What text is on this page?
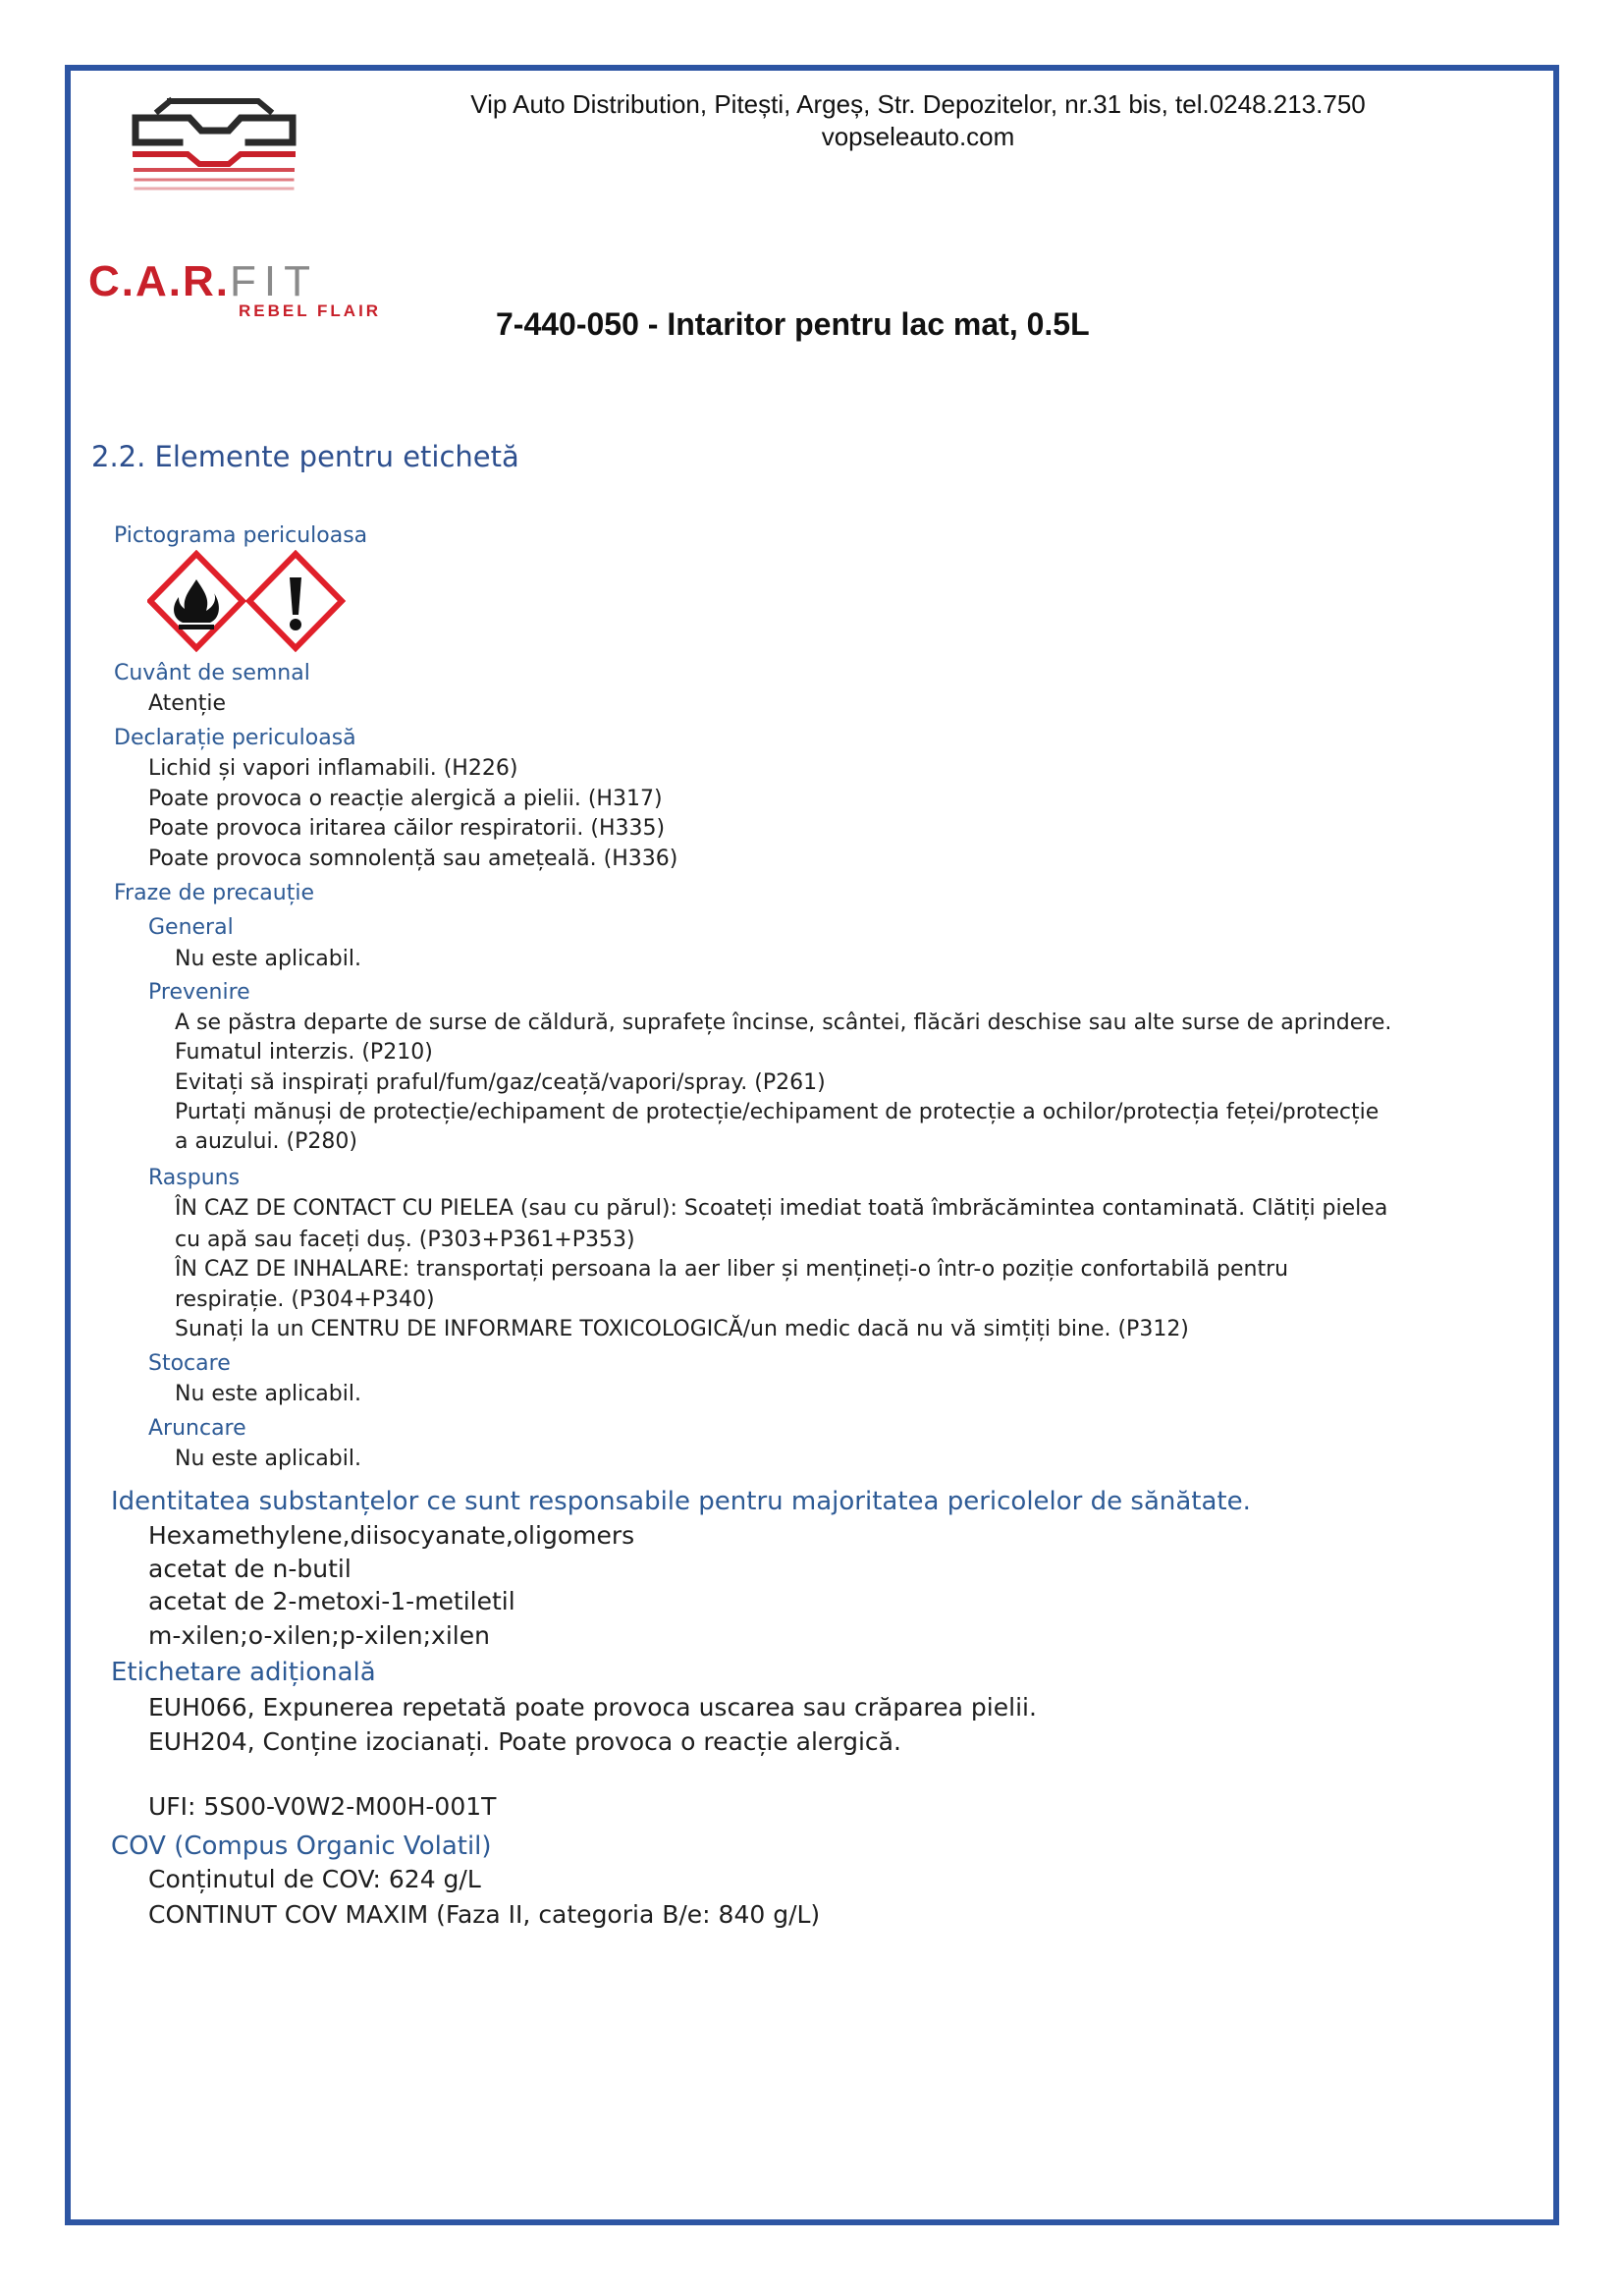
C.A.R.FIT
REBEL FLAIR
Vip Auto Distribution, Pitești, Argeș, Str. Depozitelor, nr.31 bis, tel.0248.213.750
vopseleauto.com
7-440-050 - Intaritor pentru lac mat, 0.5L
2.2. Elemente pentru etichetă
Pictograma periculoasa
Cuvânt de semnal
Atenție
Declarație periculoasă
Lichid și vapori inflamabili. (H226)
Poate provoca o reacție alergică a pielii. (H317)
Poate provoca iritarea căilor respiratorii. (H335)
Poate provoca somnolență sau amețeală. (H336)
Fraze de precauție
General
Nu este aplicabil.
Prevenire
A se păstra departe de surse de căldură, suprafețe încinse, scântei, flăcări deschise sau alte surse de aprindere.
Fumatul interzis. (P210)
Evitați să inspirați praful/fum/gaz/ceață/vapori/spray. (P261)
Purtați mănuși de protecție/echipament de protecție/echipament de protecție a ochilor/protecția feței/protecție
a auzului. (P280)
Raspuns
ÎN CAZ DE CONTACT CU PIELEA (sau cu părul): Scoateți imediat toată îmbrăcămintea contaminată. Clătiți pielea
cu apă sau faceți duș. (P303+P361+P353)
ÎN CAZ DE INHALARE: transportați persoana la aer liber și mențineți-o într-o poziție confortabilă pentru
respirație. (P304+P340)
Sunați la un CENTRU DE INFORMARE TOXICOLOGICĂ/un medic dacă nu vă simțiți bine. (P312)
Stocare
Nu este aplicabil.
Aruncare
Nu este aplicabil.
Identitatea substanțelor ce sunt responsabile pentru majoritatea pericolelor de sănătate.
Hexamethylene,diisocyanate,oligomers
acetat de n-butil
acetat de 2-metoxi-1-metiletil
m-xilen;o-xilen;p-xilen;xilen
Etichetare adițională
EUH066, Expunerea repetată poate provoca uscarea sau crăparea pielii.
EUH204, Conține izocianați. Poate provoca o reacție alergică.
UFI: 5S00-V0W2-M00H-001T
COV (Compus Organic Volatil)
Conținutul de COV: 624 g/L
CONTINUT COV MAXIM (Faza II, categoria B/e: 840 g/L)
